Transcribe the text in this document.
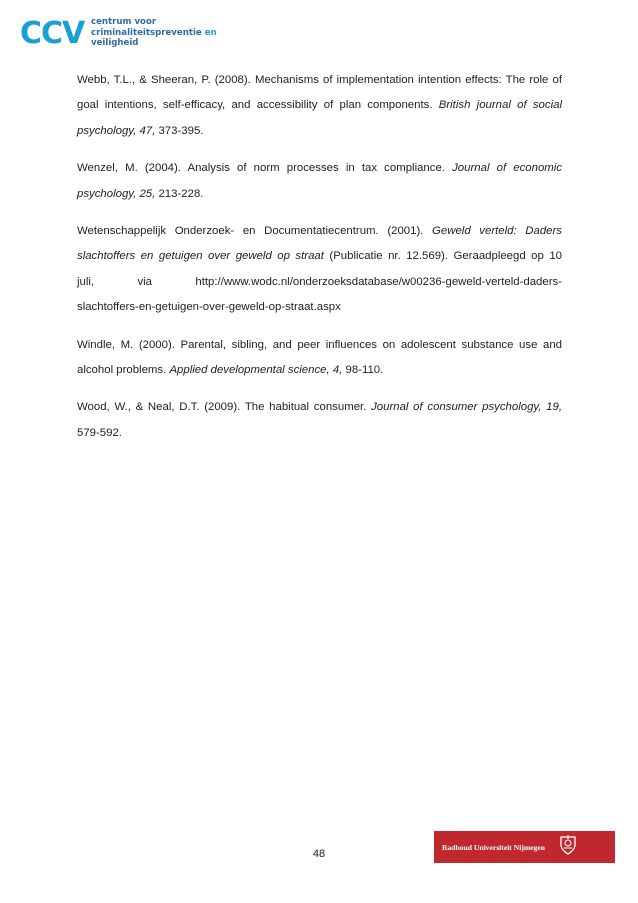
CCV centrum voor
criminaliteitspreventie en
veiligheid

Webb, T.L., & Sheeran, P. (2008). Mechanisms of implementation intention effects: The role of goal intentions, self-efficacy, and accessibility of plan components. British journal of social psychology, 47, 373-395.

Wenzel, M. (2004). Analysis of norm processes in tax compliance. Journal of economic psychology, 25, 213-228.

Wetenschappelijk Onderzoek- en Documentatiecentrum. (2001). Geweld verteld: Daders slachtoffers en getuigen over geweld op straat (Publicatie nr. 12.569). Geraadpleegd op 10
juli,	via	http://www.wodc.nl/onderzoeksdatabase/w00236-geweld-verteld-daders-
slachtoffers-en-getuigen-over-geweld-op-straat.aspx

Windle, M. (2000). Parental, sibling, and peer influences on adolescent substance use and alcohol problems. Applied developmental science, 4, 98-110.

Wood, W., & Neal, D.T. (2009). The habitual consumer. Journal of consumer psychology, 19, 579-592.

48
Radboud Universiteit Nijmegen
